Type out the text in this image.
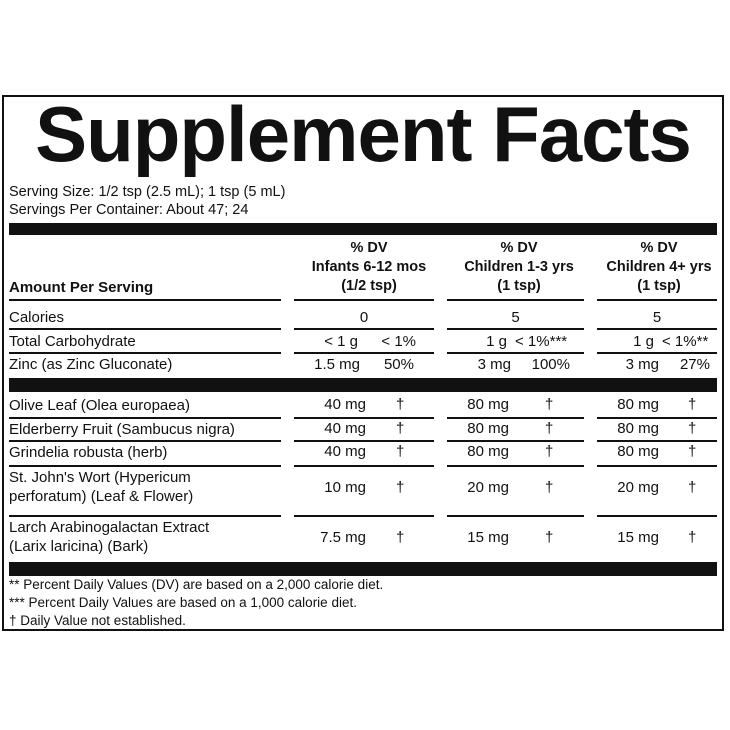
Supplement Facts
Serving Size: 1/2 tsp (2.5 mL); 1 tsp (5 mL)
Servings Per Container: About 47; 24
Amount Per Serving
% DV
Infants 6-12 mos
(1/2 tsp)
% DV
Children 1-3 yrs
(1 tsp)
% DV
Children 4+ yrs
(1 tsp)
Calories	0	5	5
Total Carbohydrate	< 1 g	< 1%	1 g < 1%***	1 g < 1%**
Zinc (as Zinc Gluconate)	1.5 mg	50%	3 mg	100%	3 mg	27%
** Percent Daily Values (DV) are based on a 2,000 calorie diet.
*** Percent Daily Values are based on a 1,000 calorie diet.
† Daily Value not established.
Olive Leaf (Olea europaea)	40 mg †	80 mg †	80 mg †
Elderberry Fruit (Sambucus nigra)	40 mg †	80 mg †	80 mg †
Grindelia robusta (herb)	40 mg †	80 mg †	80 mg †
St. John's Wort (Hypericum
perforatum) (Leaf & Flower)
10 mg †	20 mg †	20 mg †
Larch Arabinogalactan Extract
(Larix laricina) (Bark)
7.5 mg †	15 mg †	15 mg †
